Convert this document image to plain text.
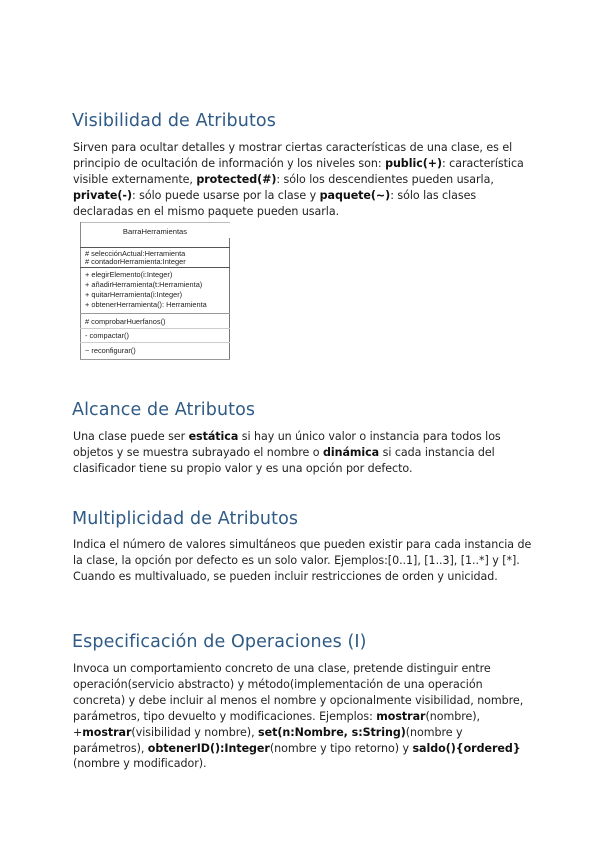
Visibilidad de Atributos

Sirven para ocultar detalles y mostrar ciertas características de una clase, es el principio de ocultación de información y los niveles son: public(+): característica visible externamente, protected(#): sólo los descendientes pueden usarla, private(-): sólo puede usarse por la clase y paquete(~): sólo las clases declaradas en el mismo paquete pueden usarla.

BarraHerramientas
# selecciónActual:Herramienta
# contadorHerramienta:Integer
+ elegirElemento(i:Integer)
+ añadirHerramienta(t:Herramienta)
+ quitarHerramienta(i:Integer)
+ obtenerHerramienta(): Herramienta
# comprobarHuerfanos()
- compactar()
~ reconfigurar()
Alcance de Atributos

Una clase puede ser estática si hay un único valor o instancia para todos los objetos y se muestra subrayado el nombre o dinámica si cada instancia del clasificador tiene su propio valor y es una opción por defecto.

Multiplicidad de Atributos

Indica el número de valores simultáneos que pueden existir para cada instancia de la clase, la opción por defecto es un solo valor. Ejemplos:[0..1], [1..3], [1..*] y [*]. Cuando es multivaluado, se pueden incluir restricciones de orden y unicidad.

Especificación de Operaciones (I)

Invoca un comportamiento concreto de una clase, pretende distinguir entre operación(servicio abstracto) y método(implementación de una operación concreta) y debe incluir al menos el nombre y opcionalmente visibilidad, nombre, parámetros, tipo devuelto y modificaciones. Ejemplos: mostrar(nombre), +mostrar(visibilidad y nombre), set(n:Nombre, s:String)(nombre y parámetros), obtenerID():Integer(nombre y tipo retorno) y saldo(){ordered}(nombre y modificador).
